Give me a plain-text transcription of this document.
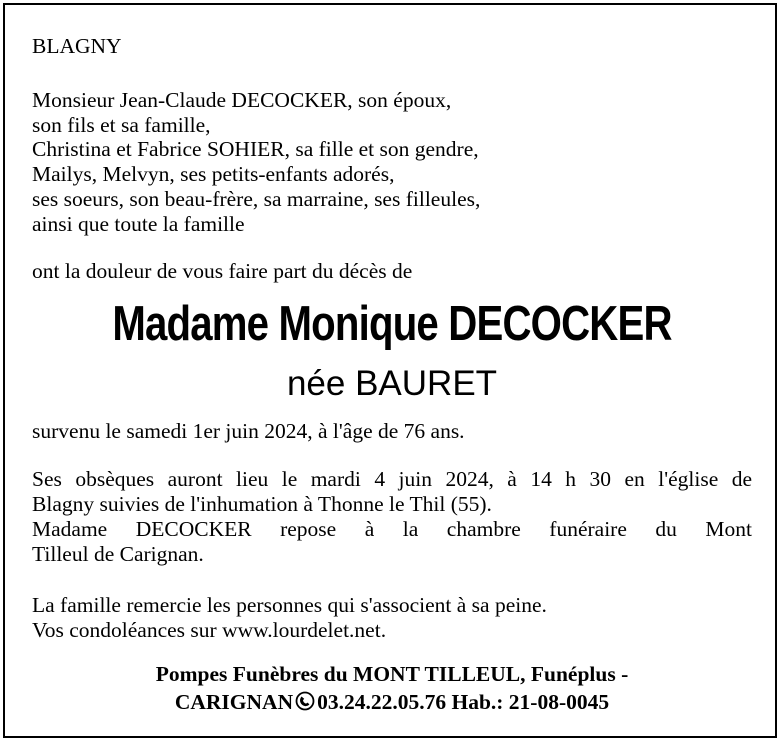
BLAGNY
Monsieur Jean-Claude DECOCKER, son époux,
son fils et sa famille,
Christina et Fabrice SOHIER, sa fille et son gendre,
Mailys, Melvyn, ses petits-enfants adorés,
ses soeurs, son beau-frère, sa marraine, ses filleules,
ainsi que toute la famille
ont la douleur de vous faire part du décès de
Madame Monique DECOCKER
née BAURET
survenu le samedi 1er juin 2024, à l'âge de 76 ans.
Ses obsèques auront lieu le mardi 4 juin 2024, à 14 h 30 en l'église de
Blagny suivies de l'inhumation à Thonne le Thil (55).
Madame DECOCKER repose à la chambre funéraire du Mont
Tilleul de Carignan.
La famille remercie les personnes qui s'associent à sa peine.
Vos condoléances sur www.lourdelet.net.
Pompes Funèbres du MONT TILLEUL, Funéplus -
CARIGNAN 03.24.22.05.76 Hab.: 21-08-0045
